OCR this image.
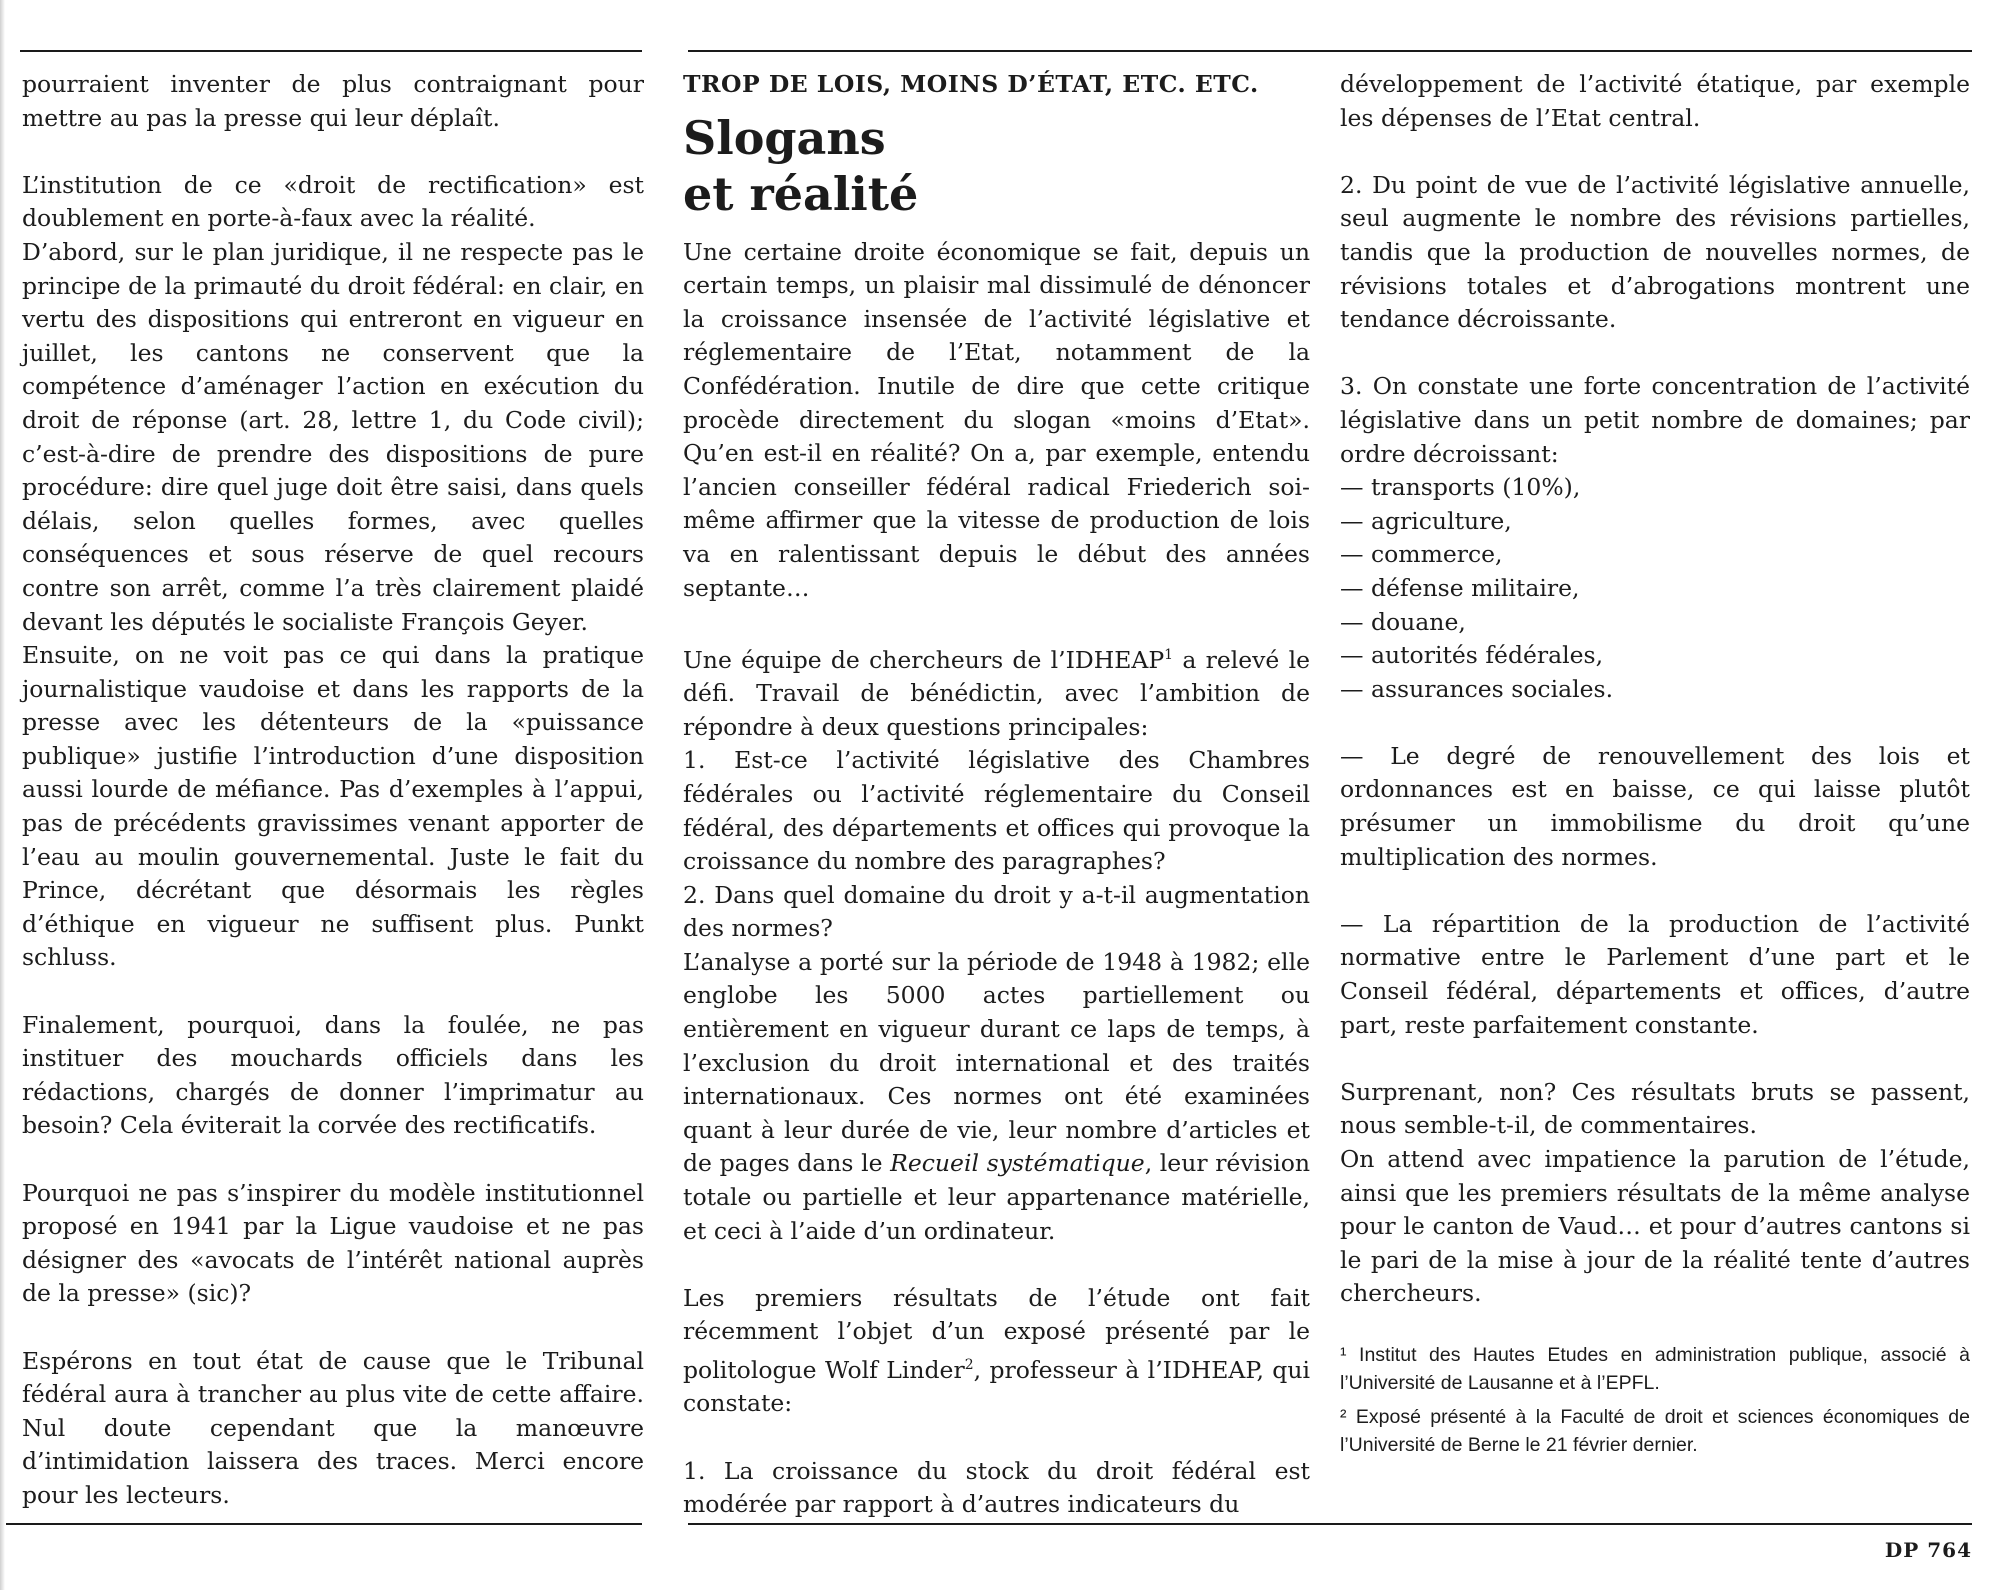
pourraient inventer de plus contraignant pour mettre au pas la presse qui leur déplaît.

L’institution de ce «droit de rectification» est doublement en porte-à-faux avec la réalité.

D’abord, sur le plan juridique, il ne respecte pas le principe de la primauté du droit fédéral: en clair, en vertu des dispositions qui entreront en vigueur en juillet, les cantons ne conservent que la compétence d’aménager l’action en exécution du droit de réponse (art. 28, lettre 1, du Code civil); c’est-à-dire de prendre des dispositions de pure procédure: dire quel juge doit être saisi, dans quels délais, selon quelles formes, avec quelles conséquences et sous réserve de quel recours contre son arrêt, comme l’a très clairement plaidé devant les députés le socialiste François Geyer.

Ensuite, on ne voit pas ce qui dans la pratique journalistique vaudoise et dans les rapports de la presse avec les détenteurs de la «puissance publique» justifie l’introduction d’une disposition aussi lourde de méfiance. Pas d’exemples à l’appui, pas de précédents gravissimes venant apporter de l’eau au moulin gouvernemental. Juste le fait du Prince, décrétant que désormais les règles d’éthique en vigueur ne suffisent plus. Punkt schluss.

Finalement, pourquoi, dans la foulée, ne pas instituer des mouchards officiels dans les rédactions, chargés de donner l’imprimatur au besoin? Cela éviterait la corvée des rectificatifs.

Pourquoi ne pas s’inspirer du modèle institutionnel proposé en 1941 par la Ligue vaudoise et ne pas désigner des «avocats de l’intérêt national auprès de la presse» (sic)?

Espérons en tout état de cause que le Tribunal fédéral aura à trancher au plus vite de cette affaire. Nul doute cependant que la manœuvre d’intimidation laissera des traces. Merci encore pour les lecteurs.

TROP DE LOIS, MOINS D’ÉTAT, ETC. ETC.

Slogans
et réalité

Une certaine droite économique se fait, depuis un certain temps, un plaisir mal dissimulé de dénoncer la croissance insensée de l’activité législative et réglementaire de l’Etat, notamment de la Confédération. Inutile de dire que cette critique procède directement du slogan «moins d’Etat». Qu’en est-il en réalité? On a, par exemple, entendu l’ancien conseiller fédéral radical Friederich soi-même affirmer que la vitesse de production de lois va en ralentissant depuis le début des années septante…

Une équipe de chercheurs de l’IDHEAP$^1$ a relevé le défi. Travail de bénédictin, avec l’ambition de répondre à deux questions principales:

1. Est-ce l’activité législative des Chambres fédérales ou l’activité réglementaire du Conseil fédéral, des départements et offices qui provoque la croissance du nombre des paragraphes?

2. Dans quel domaine du droit y a-t-il augmentation des normes?

L’analyse a porté sur la période de 1948 à 1982; elle englobe les 5000 actes partiellement ou entièrement en vigueur durant ce laps de temps, à l’exclusion du droit international et des traités internationaux. Ces normes ont été examinées quant à leur durée de vie, leur nombre d’articles et de pages dans le Recueil systématique, leur révision totale ou partielle et leur appartenance matérielle, et ceci à l’aide d’un ordinateur.

Les premiers résultats de l’étude ont fait récemment l’objet d’un exposé présenté par le politologue Wolf Linder$^2$, professeur à l’IDHEAP, qui constate:

1. La croissance du stock du droit fédéral est modérée par rapport à d’autres indicateurs du

développement de l’activité étatique, par exemple les dépenses de l’Etat central.

2. Du point de vue de l’activité législative annuelle, seul augmente le nombre des révisions partielles, tandis que la production de nouvelles normes, de révisions totales et d’abrogations montrent une tendance décroissante.

3. On constate une forte concentration de l’activité législative dans un petit nombre de domaines; par ordre décroissant:

— transports (10%),
— agriculture,
— commerce,
— défense militaire,
— douane,
— autorités fédérales,
— assurances sociales.

— Le degré de renouvellement des lois et ordonnances est en baisse, ce qui laisse plutôt présumer un immobilisme du droit qu’une multiplication des normes.

— La répartition de la production de l’activité normative entre le Parlement d’une part et le Conseil fédéral, départements et offices, d’autre part, reste parfaitement constante.

Surprenant, non? Ces résultats bruts se passent, nous semble-t-il, de commentaires.

On attend avec impatience la parution de l’étude, ainsi que les premiers résultats de la même analyse pour le canton de Vaud… et pour d’autres cantons si le pari de la mise à jour de la réalité tente d’autres chercheurs.

¹ Institut des Hautes Etudes en administration publique, associé à l’Université de Lausanne et à l’EPFL.

² Exposé présenté à la Faculté de droit et sciences économiques de l’Université de Berne le 21 février dernier.

DP 764
